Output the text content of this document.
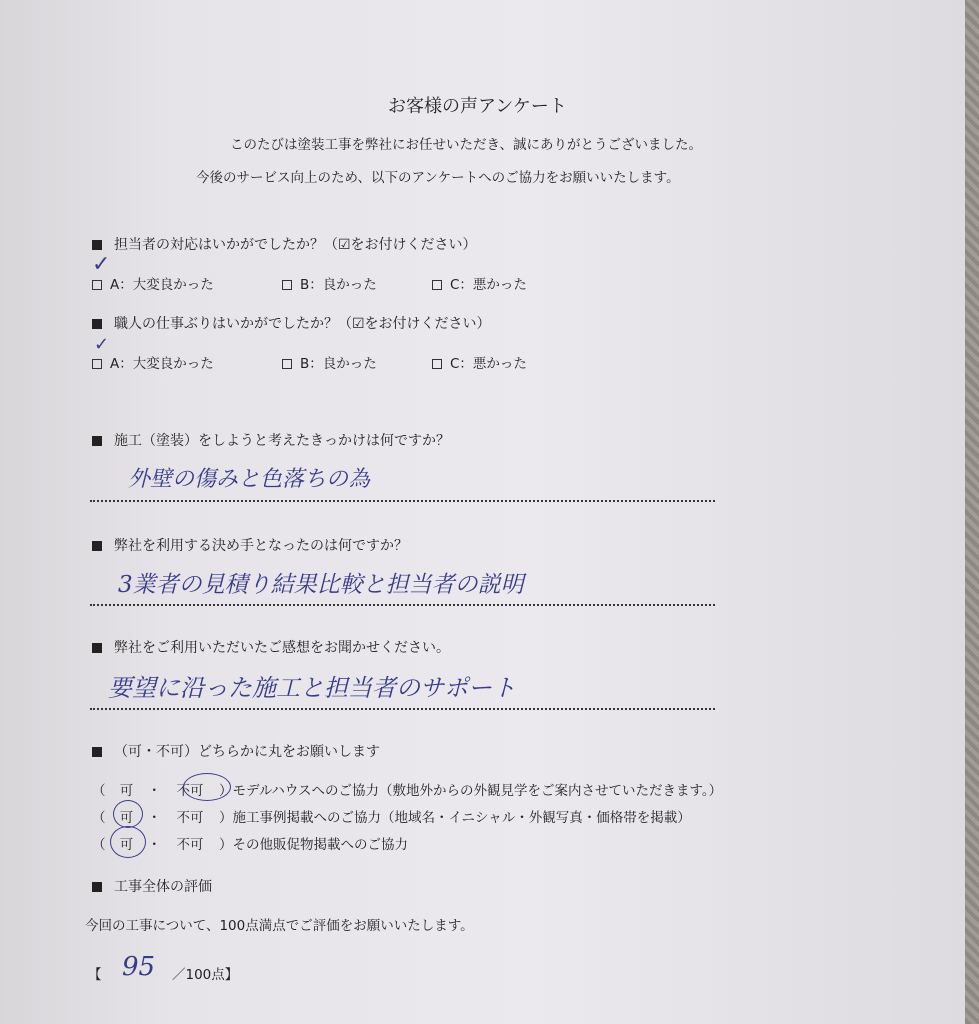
お客様の声アンケート
このたびは塗装工事を弊社にお任せいただき、誠にありがとうございました。
今後のサービス向上のため、以下のアンケートへのご協力をお願いいたします。
担当者の対応はいかがでしたか？（☑をお付けください）
A：大変良かった
✓
B：良かった	C：悪かった
職人の仕事ぶりはいかがでしたか？（☑をお付けください）
A：大変良かった
✓
B：良かった	C：悪かった
施工（塗装）をしようと考えたきっかけは何ですか？
外壁の傷みと色落ちの為
弊社を利用する決め手となったのは何ですか？
3業者の見積り結果比較と担当者の説明
弊社をご利用いただいたご感想をお聞かせください。
要望に沿った施工と担当者のサポート
（可・不可）どちらかに丸をお願いします
（ 可 ・ 不可 ）モデルハウスへのご協力（敷地外からの外観見学をご案内させていただきます。）
（ 可 ・ 不可 ）施工事例掲載へのご協力（地域名・イニシャル・外観写真・価格帯を掲載）
（ 可 ・ 不可 ）その他販促物掲載へのご協力
工事全体の評価
今回の工事について、100点満点でご評価をお願いいたします。
【 95 ／100点】
